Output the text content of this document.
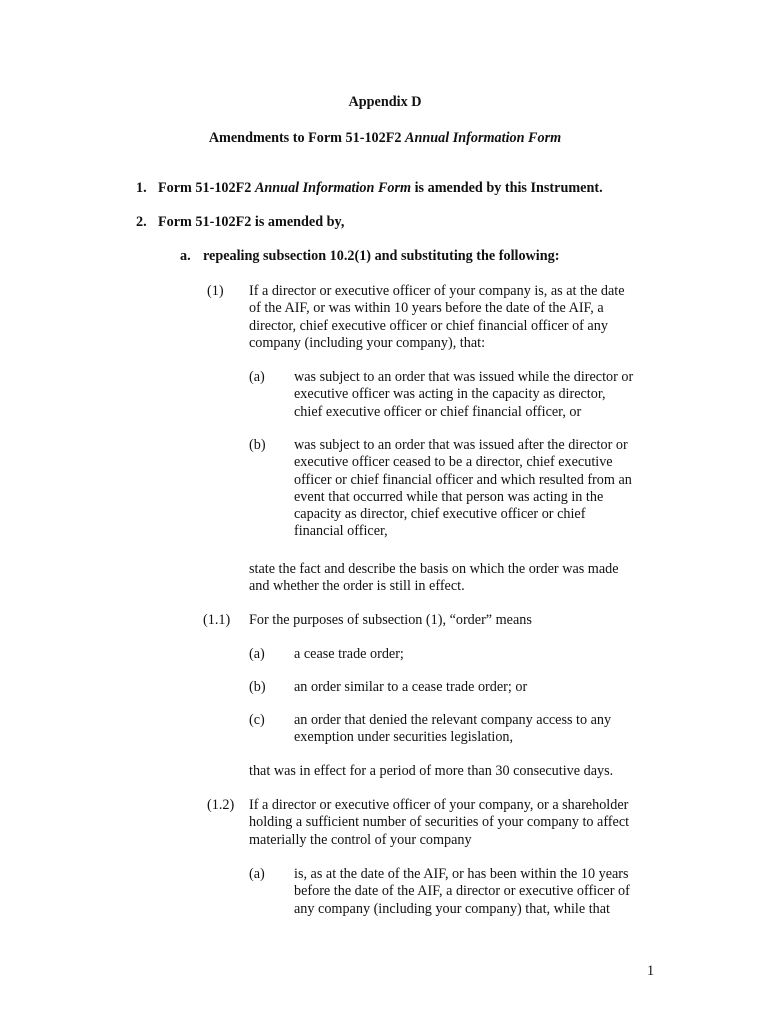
Appendix D
Amendments to Form 51-102F2 Annual Information Form
1. Form 51-102F2 Annual Information Form is amended by this Instrument.
2. Form 51-102F2 is amended by,
a. repealing subsection 10.2(1) and substituting the following:
(1) If a director or executive officer of your company is, as at the date
of the AIF, or was within 10 years before the date of the AIF, a
director, chief executive officer or chief financial officer of any
company (including your company), that:
(a) was subject to an order that was issued while the director or
executive officer was acting in the capacity as director,
chief executive officer or chief financial officer, or
(b) was subject to an order that was issued after the director or
executive officer ceased to be a director, chief executive
officer or chief financial officer and which resulted from an
event that occurred while that person was acting in the
capacity as director, chief executive officer or chief
financial officer,
state the fact and describe the basis on which the order was made
and whether the order is still in effect.
(1.1) For the purposes of subsection (1), “order” means
(a) a cease trade order;
(b) an order similar to a cease trade order; or
(c) an order that denied the relevant company access to any
exemption under securities legislation,
that was in effect for a period of more than 30 consecutive days.
(1.2) If a director or executive officer of your company, or a shareholder
holding a sufficient number of securities of your company to affect
materially the control of your company
(a) is, as at the date of the AIF, or has been within the 10 years
before the date of the AIF, a director or executive officer of
any company (including your company) that, while that
1
